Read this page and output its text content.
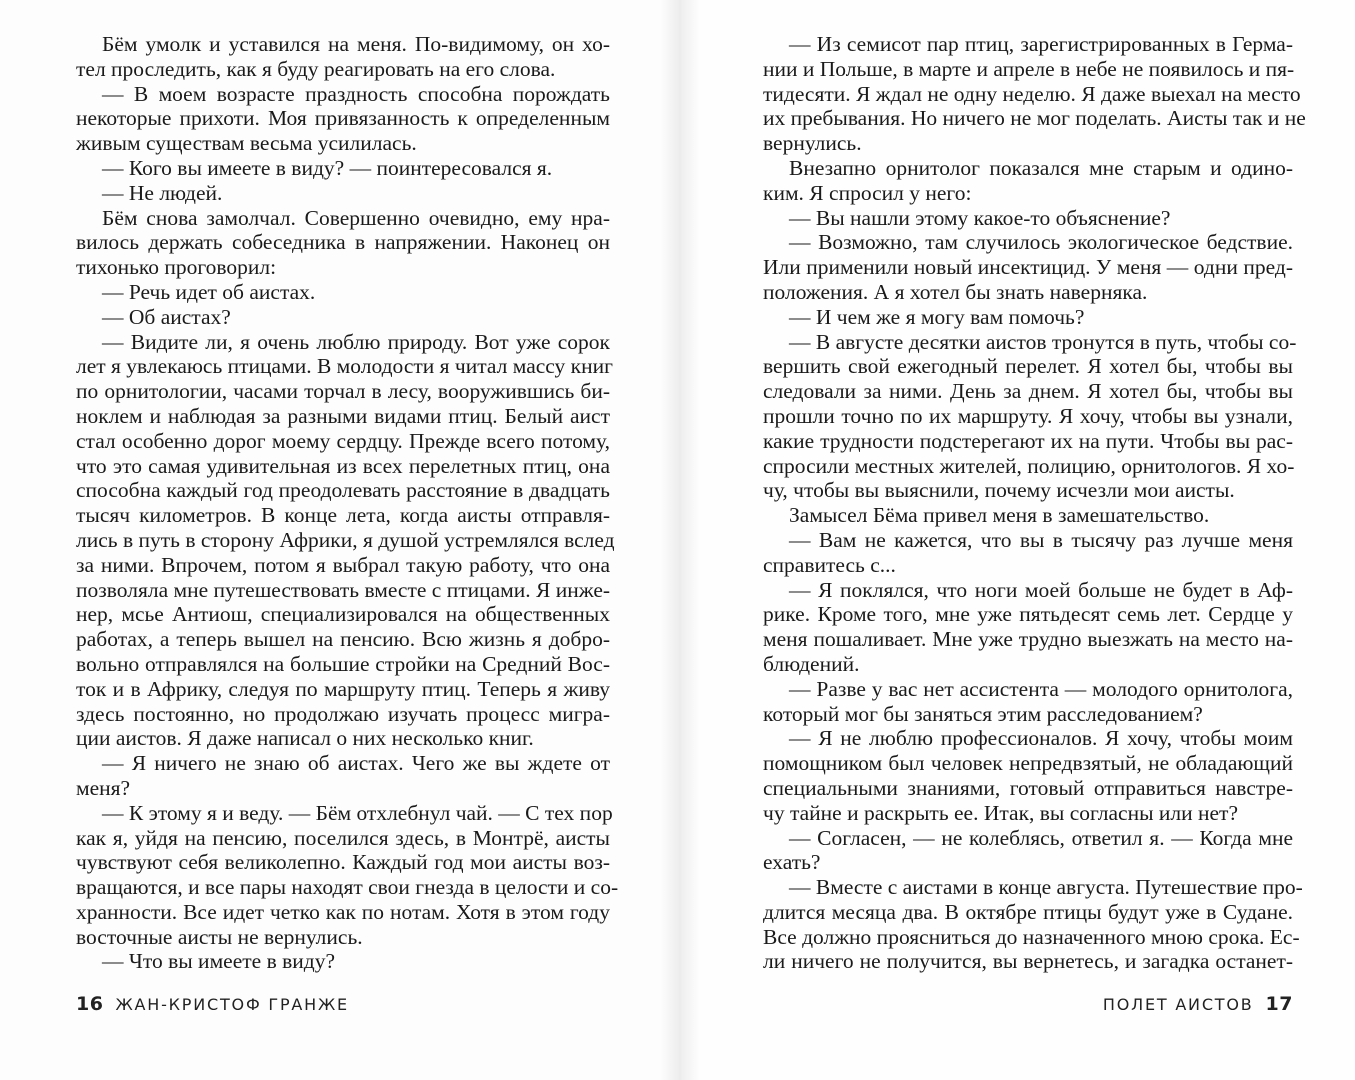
Бём умолк и уставился на меня. По-видимому, он хо-
тел проследить, как я буду реагировать на его слова.
— В моем возрасте праздность способна порождать
некоторые прихоти. Моя привязанность к определенным
живым существам весьма усилилась.
— Кого вы имеете в виду? — поинтересовался я.
— Не людей.
Бём снова замолчал. Совершенно очевидно, ему нра-
вилось держать собеседника в напряжении. Наконец он
тихонько проговорил:
— Речь идет об аистах.
— Об аистах?
— Видите ли, я очень люблю природу. Вот уже сорок
лет я увлекаюсь птицами. В молодости я читал массу книг
по орнитологии, часами торчал в лесу, вооружившись би-
ноклем и наблюдая за разными видами птиц. Белый аист
стал особенно дорог моему сердцу. Прежде всего потому,
что это самая удивительная из всех перелетных птиц, она
способна каждый год преодолевать расстояние в двадцать
тысяч километров. В конце лета, когда аисты отправля-
лись в путь в сторону Африки, я душой устремлялся вслед
за ними. Впрочем, потом я выбрал такую работу, что она
позволяла мне путешествовать вместе с птицами. Я инже-
нер, мсье Антиош, специализировался на общественных
работах, а теперь вышел на пенсию. Всю жизнь я добро-
вольно отправлялся на большие стройки на Средний Вос-
ток и в Африку, следуя по маршруту птиц. Теперь я живу
здесь постоянно, но продолжаю изучать процесс мигра-
ции аистов. Я даже написал о них несколько книг.
— Я ничего не знаю об аистах. Чего же вы ждете от
меня?
— К этому я и веду. — Бём отхлебнул чай. — С тех пор
как я, уйдя на пенсию, поселился здесь, в Монтрё, аисты
чувствуют себя великолепно. Каждый год мои аисты воз-
вращаются, и все пары находят свои гнезда в целости и со-
хранности. Все идет четко как по нотам. Хотя в этом году
восточные аисты не вернулись.
— Что вы имеете в виду?
16 ЖАН-КРИСТОФ ГРАНЖЕ
— Из семисот пар птиц, зарегистрированных в Герма-
нии и Польше, в марте и апреле в небе не появилось и пя-
тидесяти. Я ждал не одну неделю. Я даже выехал на место
их пребывания. Но ничего не мог поделать. Аисты так и не
вернулись.
Внезапно орнитолог показался мне старым и одино-
ким. Я спросил у него:
— Вы нашли этому какое-то объяснение?
— Возможно, там случилось экологическое бедствие.
Или применили новый инсектицид. У меня — одни пред-
положения. А я хотел бы знать наверняка.
— И чем же я могу вам помочь?
— В августе десятки аистов тронутся в путь, чтобы со-
вершить свой ежегодный перелет. Я хотел бы, чтобы вы
следовали за ними. День за днем. Я хотел бы, чтобы вы
прошли точно по их маршруту. Я хочу, чтобы вы узнали,
какие трудности подстерегают их на пути. Чтобы вы рас-
спросили местных жителей, полицию, орнитологов. Я хо-
чу, чтобы вы выяснили, почему исчезли мои аисты.
Замысел Бёма привел меня в замешательство.
— Вам не кажется, что вы в тысячу раз лучше меня
справитесь с...
— Я поклялся, что ноги моей больше не будет в Аф-
рике. Кроме того, мне уже пятьдесят семь лет. Сердце у
меня пошаливает. Мне уже трудно выезжать на место на-
блюдений.
— Разве у вас нет ассистента — молодого орнитолога,
который мог бы заняться этим расследованием?
— Я не люблю профессионалов. Я хочу, чтобы моим
помощником был человек непредвзятый, не обладающий
специальными знаниями, готовый отправиться навстре-
чу тайне и раскрыть ее. Итак, вы согласны или нет?
— Согласен, — не колеблясь, ответил я. — Когда мне
ехать?
— Вместе с аистами в конце августа. Путешествие про-
длится месяца два. В октябре птицы будут уже в Судане.
Все должно проясниться до назначенного мною срока. Ес-
ли ничего не получится, вы вернетесь, и загадка останет-
ПОЛЕТ АИСТОВ 17
